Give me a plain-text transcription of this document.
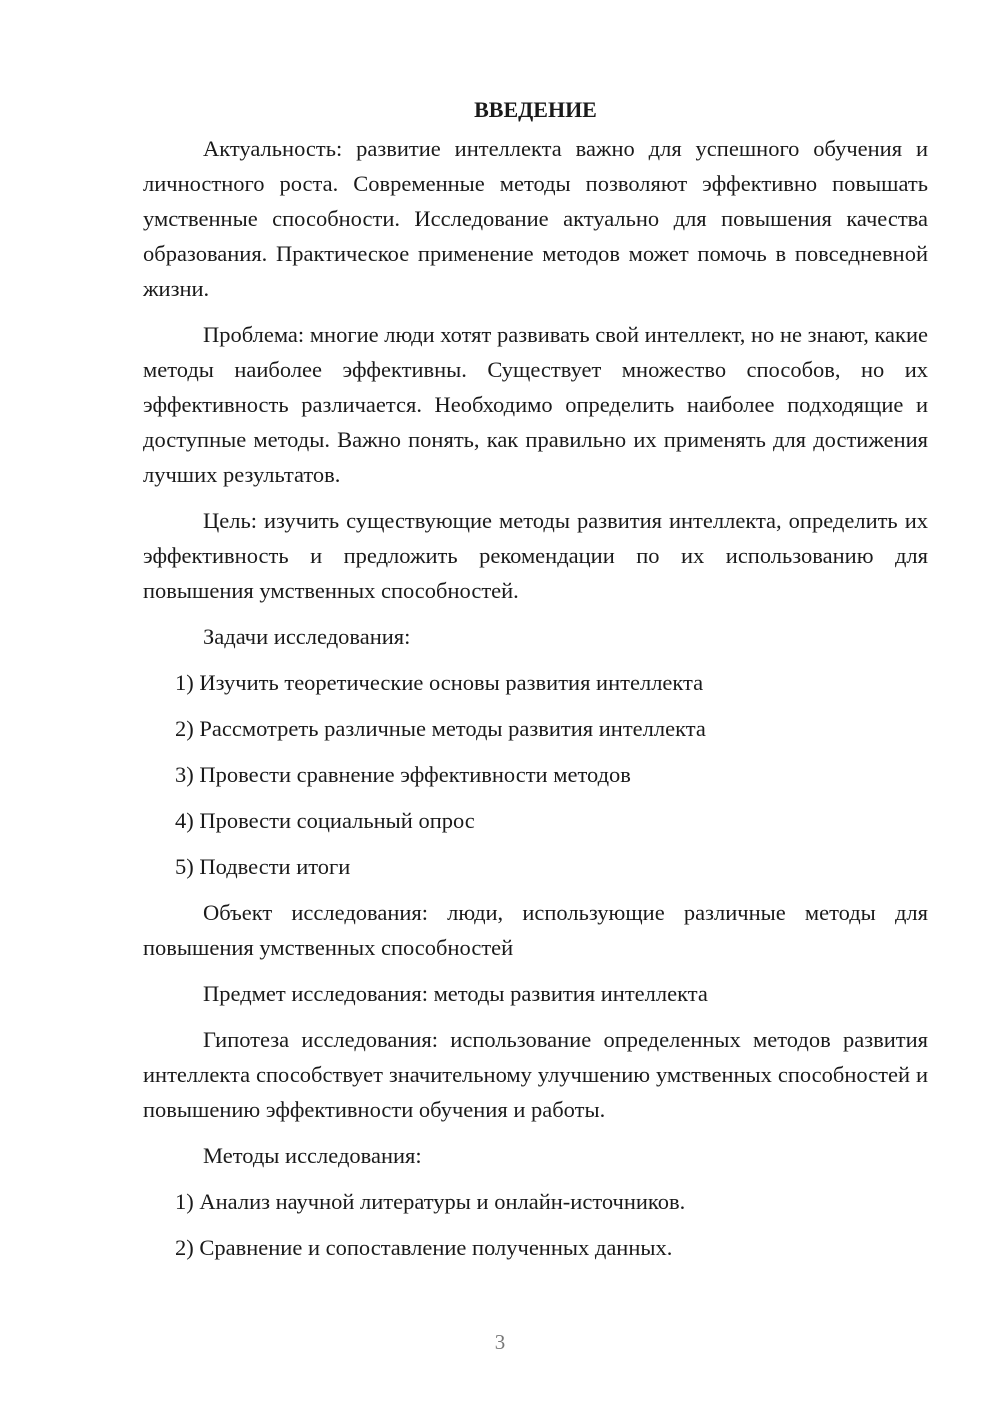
ВВЕДЕНИЕ

Актуальность: развитие интеллекта важно для успешного обучения и личностного роста. Современные методы позволяют эффективно повышать умственные способности. Исследование актуально для повышения качества образования. Практическое применение методов может помочь в повседневной жизни.

Проблема: многие люди хотят развивать свой интеллект, но не знают, какие методы наиболее эффективны. Существует множество способов, но их эффективность различается. Необходимо определить наиболее подходящие и доступные методы. Важно понять, как правильно их применять для достижения лучших результатов.

Цель: изучить существующие методы развития интеллекта, определить их эффективность и предложить рекомендации по их использованию для повышения умственных способностей.

Задачи исследования:

1) Изучить теоретические основы развития интеллекта
2) Рассмотреть различные методы развития интеллекта
3) Провести сравнение эффективности методов
4) Провести социальный опрос
5) Подвести итоги

Объект исследования: люди, использующие различные методы для повышения умственных способностей

Предмет исследования: методы развития интеллекта

Гипотеза исследования: использование определенных методов развития интеллекта способствует значительному улучшению умственных способностей и повышению эффективности обучения и работы.

Методы исследования:

1) Анализ научной литературы и онлайн-источников.
2) Сравнение и сопоставление полученных данных.
3
